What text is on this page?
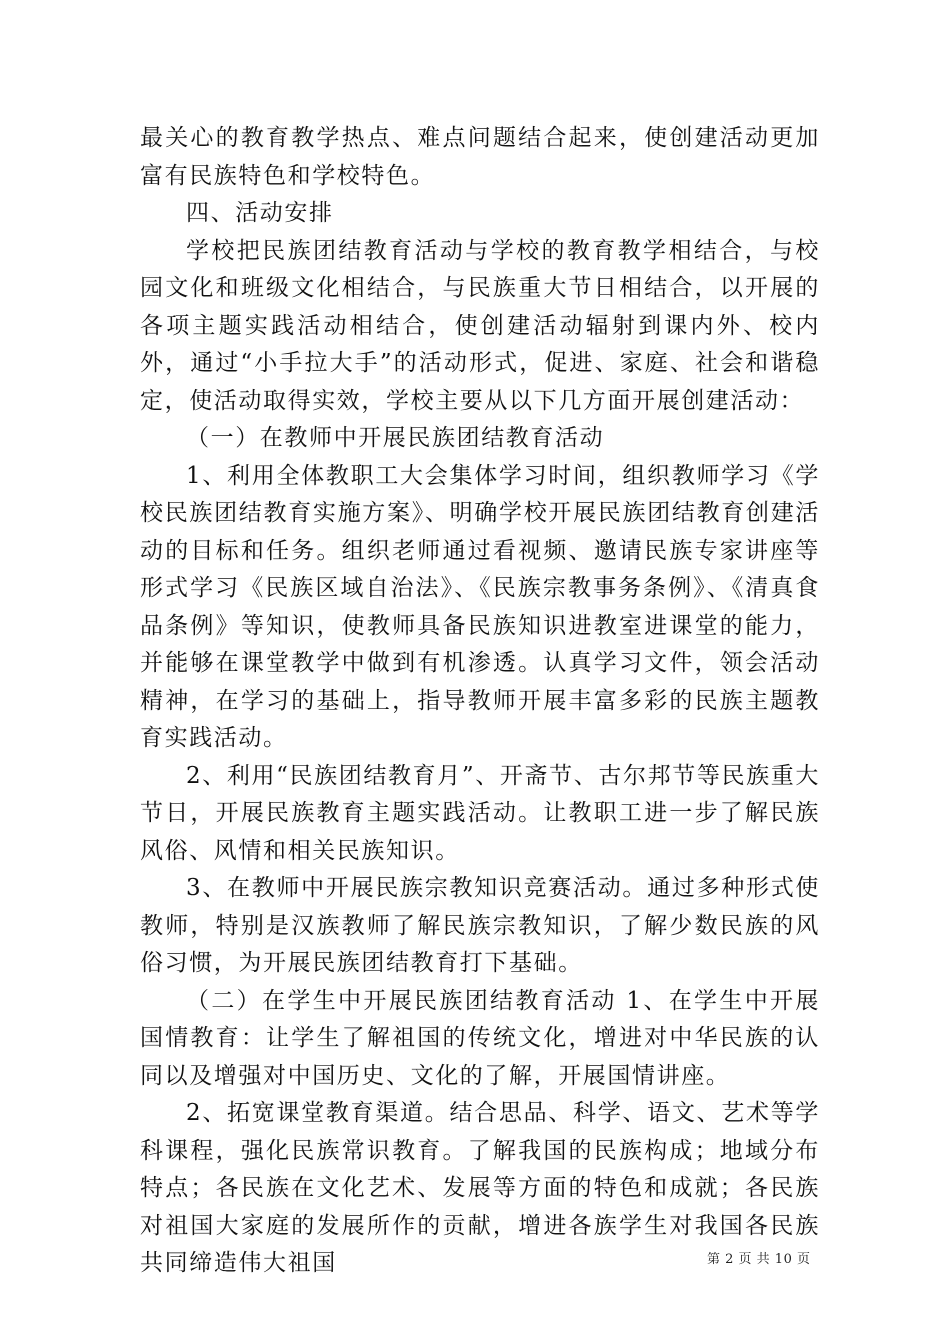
最关心的教育教学热点、难点问题结合起来，使创建活动更加富有民族特色和学校特色。

四、活动安排

学校把民族团结教育活动与学校的教育教学相结合，与校园文化和班级文化相结合，与民族重大节日相结合，以开展的各项主题实践活动相结合，使创建活动辐射到课内外、校内外，通过“小手拉大手”的活动形式，促进、家庭、社会和谐稳定，使活动取得实效，学校主要从以下几方面开展创建活动：

（一）在教师中开展民族团结教育活动

1、利用全体教职工大会集体学习时间，组织教师学习《学校民族团结教育实施方案》、明确学校开展民族团结教育创建活动的目标和任务。组织老师通过看视频、邀请民族专家讲座等形式学习《民族区域自治法》、《民族宗教事务条例》、《清真食品条例》等知识，使教师具备民族知识进教室进课堂的能力，并能够在课堂教学中做到有机渗透。认真学习文件，领会活动精神，在学习的基础上，指导教师开展丰富多彩的民族主题教育实践活动。

2、利用“民族团结教育月”、开斋节、古尔邦节等民族重大节日，开展民族教育主题实践活动。让教职工进一步了解民族风俗、风情和相关民族知识。

3、在教师中开展民族宗教知识竞赛活动。通过多种形式使教师，特别是汉族教师了解民族宗教知识，了解少数民族的风俗习惯，为开展民族团结教育打下基础。

（二）在学生中开展民族团结教育活动 1、在学生中开展国情教育：让学生了解祖国的传统文化，增进对中华民族的认同以及增强对中国历史、文化的了解，开展国情讲座。

2、拓宽课堂教育渠道。结合思品、科学、语文、艺术等学科课程，强化民族常识教育。了解我国的民族构成；地域分布特点；各民族在文化艺术、发展等方面的特色和成就；各民族对祖国大家庭的发展所作的贡献，增进各族学生对我国各民族共同缔造伟大祖国	第 2 页 共 10 页
